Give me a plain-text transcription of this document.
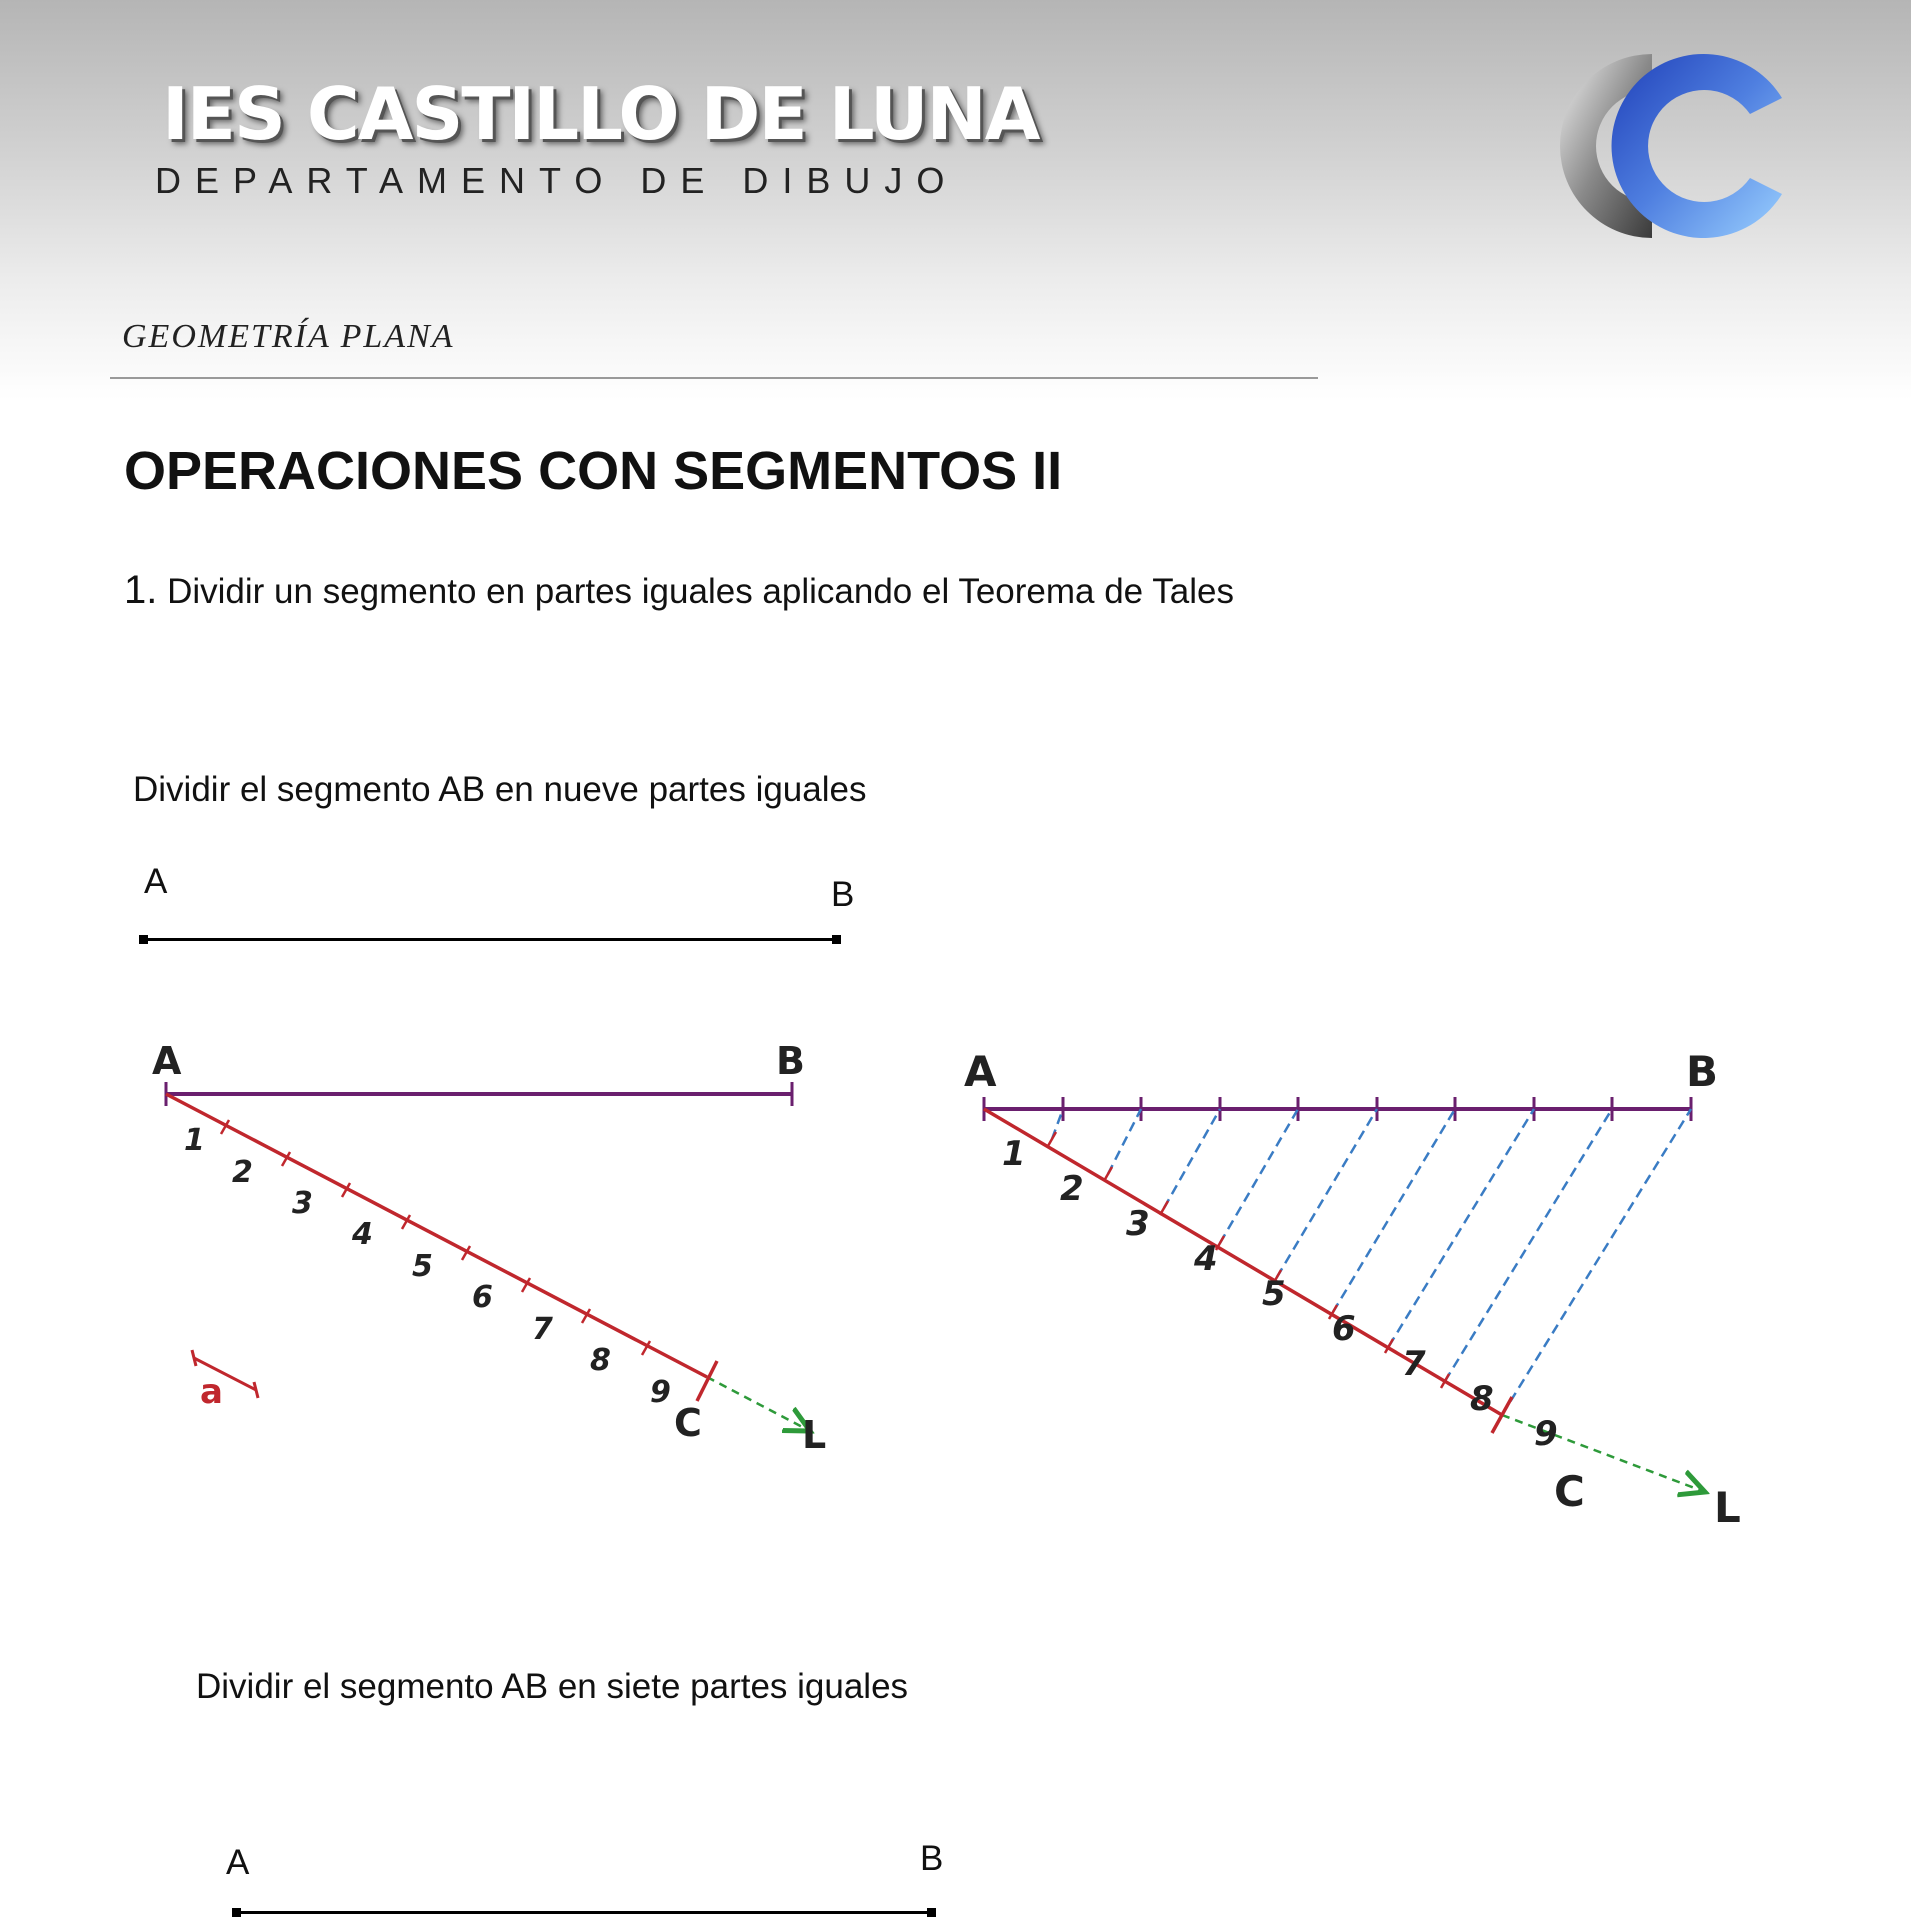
IES CASTILLO DE LUNA
DEPARTAMENTO DE DIBUJO
GEOMETRÍA PLANA
OPERACIONES CON SEGMENTOS II
1. Dividir un segmento en partes iguales aplicando el Teorema de Tales
Dividir el segmento AB en nueve partes iguales
A	B
A	B
C	L
a
1
2
3
4
5
6
7
8
9
A	B
C	L
1
2
3
4
5
6
7
8
9
Dividir el segmento AB en siete partes iguales
A	B
